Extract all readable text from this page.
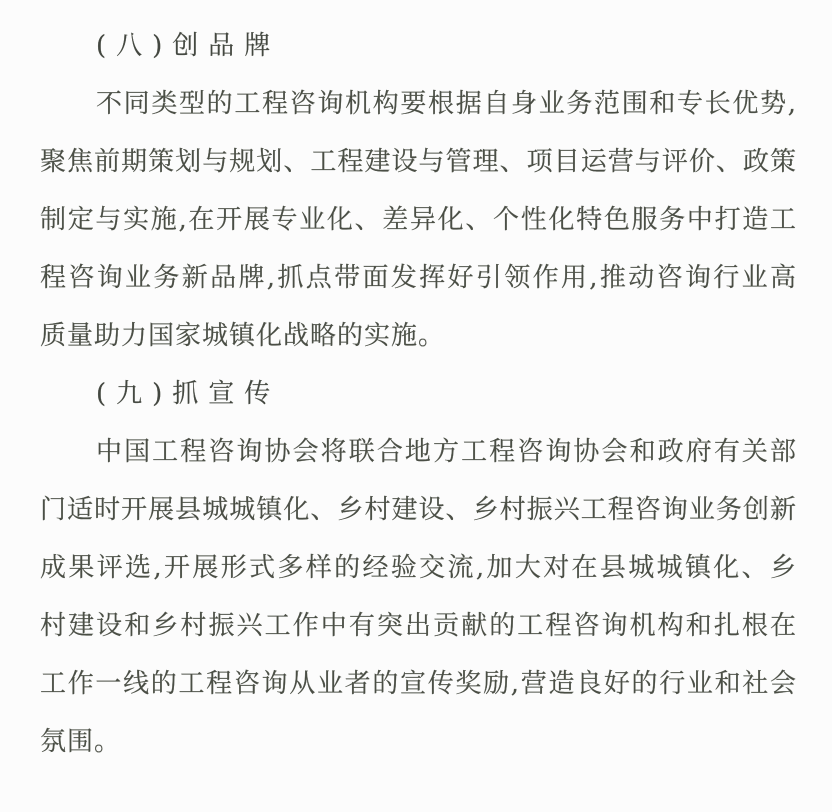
(八)创品牌
不同类型的工程咨询机构要根据自身业务范围和专长优势,
聚焦前期策划与规划、工程建设与管理、项目运营与评价、政策
制定与实施,在开展专业化、差异化、个性化特色服务中打造工
程咨询业务新品牌,抓点带面发挥好引领作用,推动咨询行业高
质量助力国家城镇化战略的实施。
(九)抓宣传
中国工程咨询协会将联合地方工程咨询协会和政府有关部
门适时开展县城城镇化、乡村建设、乡村振兴工程咨询业务创新
成果评选,开展形式多样的经验交流,加大对在县城城镇化、乡
村建设和乡村振兴工作中有突出贡献的工程咨询机构和扎根在
工作一线的工程咨询从业者的宣传奖励,营造良好的行业和社会
氛围。
